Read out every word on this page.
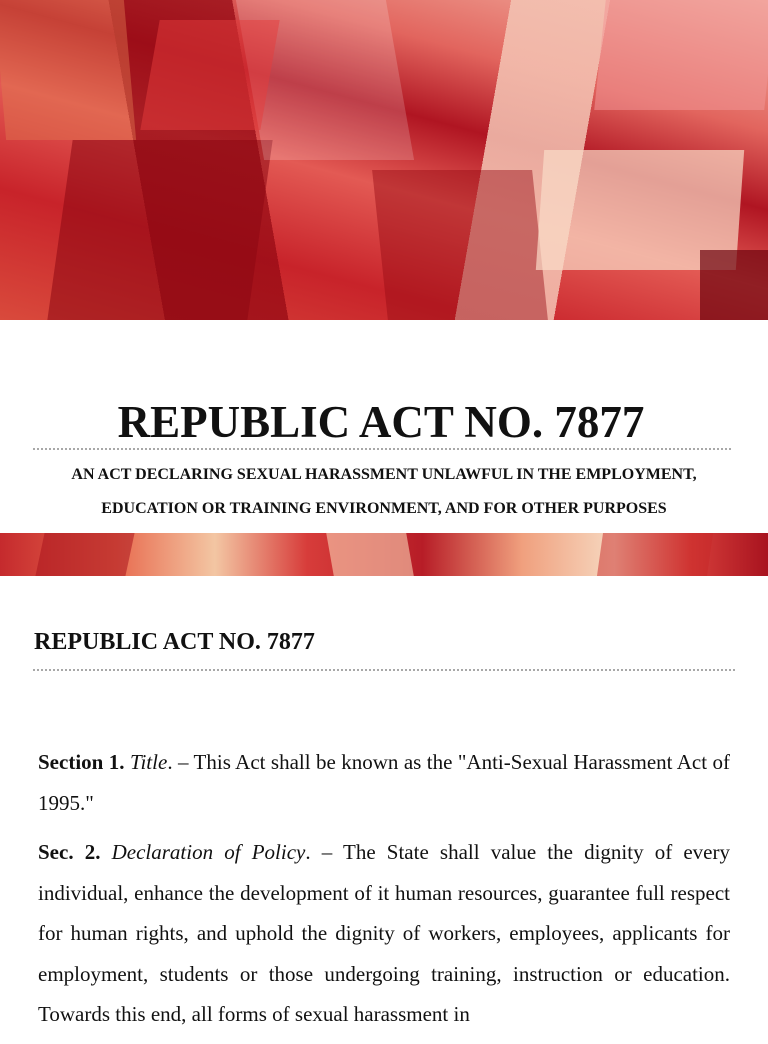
REPUBLIC ACT NO. 7877
AN ACT DECLARING SEXUAL HARASSMENT UNLAWFUL IN THE EMPLOYMENT, EDUCATION OR TRAINING ENVIRONMENT, AND FOR OTHER PURPOSES
REPUBLIC ACT NO. 7877

Section 1. Title. – This Act shall be known as the "Anti-Sexual Harassment Act of 1995."

Sec. 2. Declaration of Policy. – The State shall value the dignity of every individual, enhance the development of it human resources, guarantee full respect for human rights, and uphold the dignity of workers, employees, applicants for employment, students or those undergoing training, instruction or education. Towards this end, all forms of sexual harassment in
